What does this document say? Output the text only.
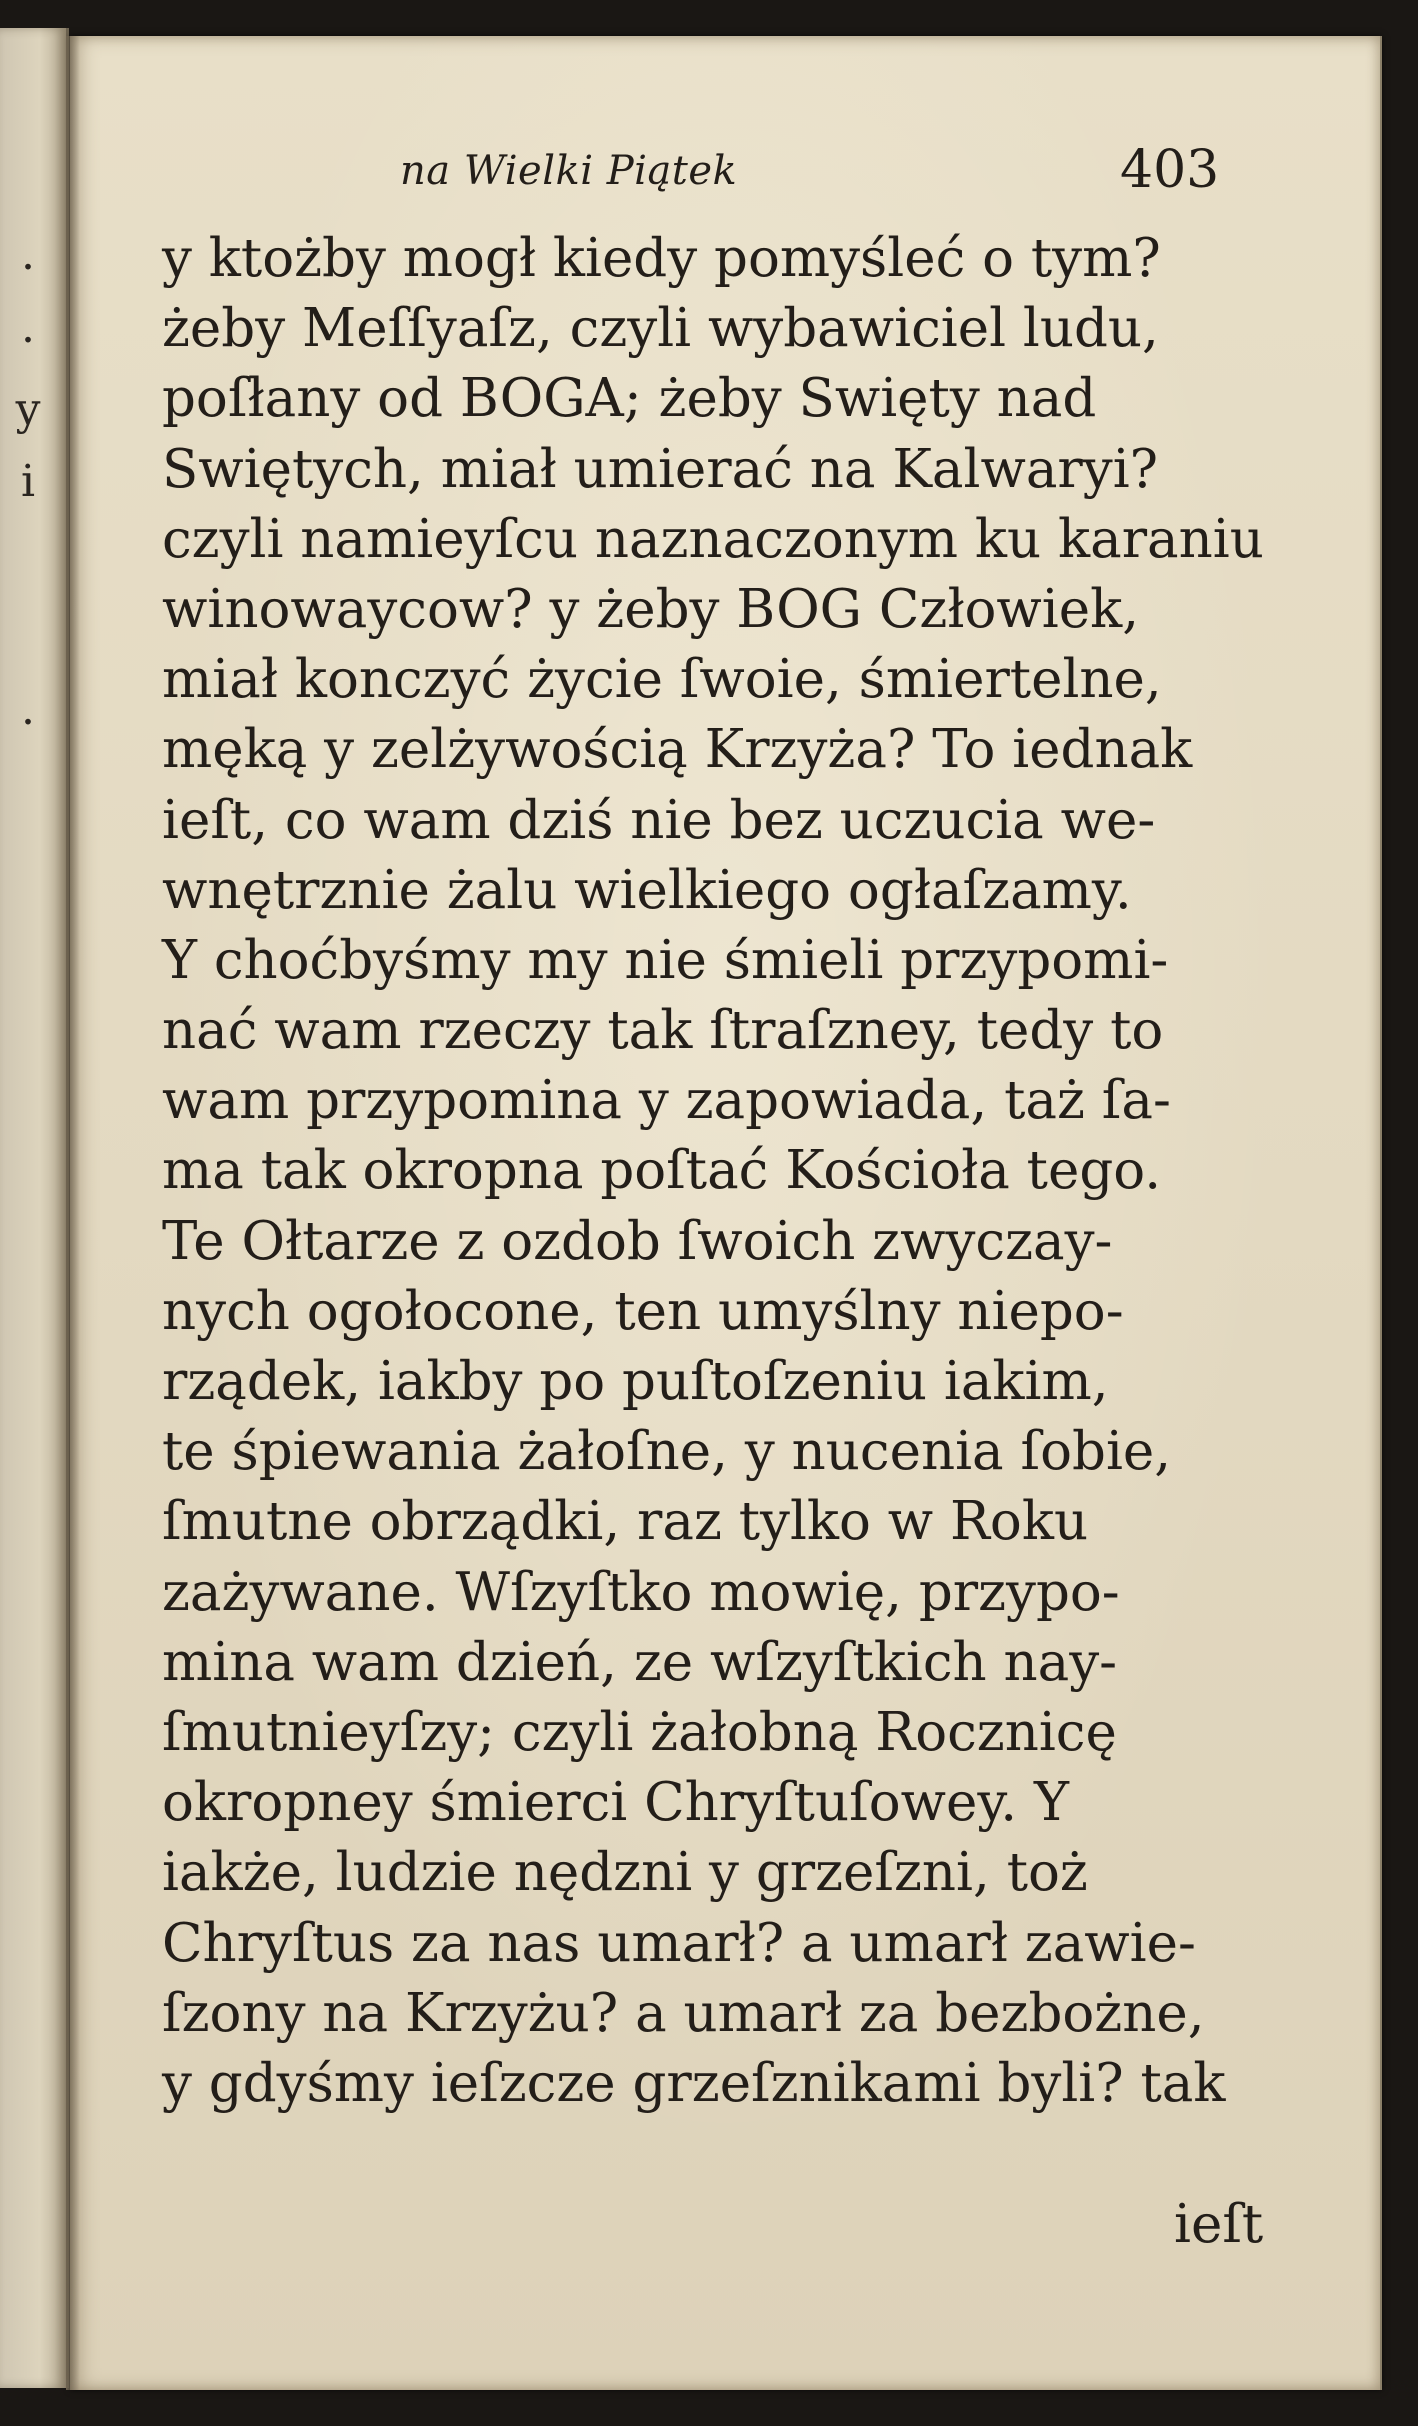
.
.
y
i
.
na Wielki Piątek	403
y ktożby mogł kiedy pomyśleć o tym?
żeby Meſſyaſz, czyli wybawiciel ludu,
poſłany od BOGA; żeby Swięty nad
Swiętych, miał umierać na Kalwaryi?
czyli namieyſcu naznaczonym ku karaniu
winowaycow? y żeby BOG Człowiek,
miał konczyć życie ſwoie, śmiertelne,
męką y zelżywością Krzyża? To iednak
ieſt, co wam dziś nie bez uczucia we-
wnętrznie żalu wielkiego ogłaſzamy.
Y choćbyśmy my nie śmieli przypomi-
nać wam rzeczy tak ſtraſzney, tedy to
wam przypomina y zapowiada, taż ſa-
ma tak okropna poſtać Kościoła tego.
Te Ołtarze z ozdob ſwoich zwyczay-
nych ogołocone, ten umyślny niepo-
rządek, iakby po puſtoſzeniu iakim,
te śpiewania żałoſne, y nucenia ſobie,
ſmutne obrządki, raz tylko w Roku
zażywane. Wſzyſtko mowię, przypo-
mina wam dzień, ze wſzyſtkich nay-
ſmutnieyſzy; czyli żałobną Rocznicę
okropney śmierci Chryſtuſowey. Y
iakże, ludzie nędzni y grzeſzni, toż
Chryſtus za nas umarł? a umarł zawie-
ſzony na Krzyżu? a umarł za bezbożne,
y gdyśmy ieſzcze grzeſznikami byli? tak
ieſt
